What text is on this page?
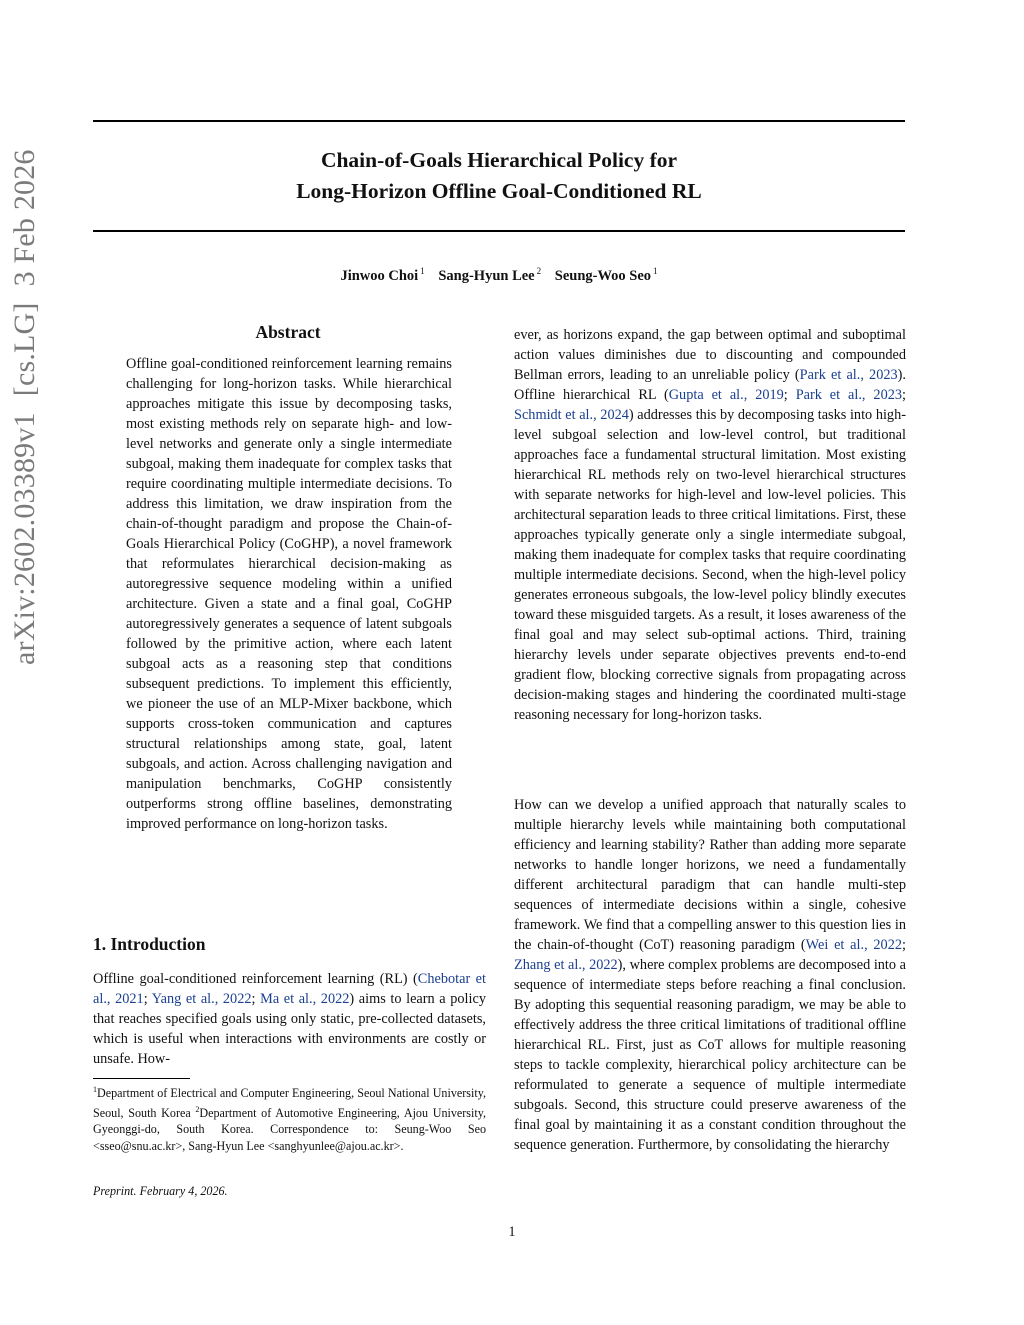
Chain-of-Goals Hierarchical Policy for
Long-Horizon Offline Goal-Conditioned RL
Jinwoo Choi $^1$ Sang-Hyun Lee $^2$ Seung-Woo Seo $^1$
arXiv:2602.03389v1[cs.LG]3 Feb 2026
Abstract

Offline goal-conditioned reinforcement learning remains challenging for long-horizon tasks. While hierarchical approaches mitigate this issue by decomposing tasks, most existing methods rely on separate high- and low-level networks and generate only a single intermediate subgoal, making them inadequate for complex tasks that require coordinating multiple intermediate decisions. To address this limitation, we draw inspiration from the chain-of-thought paradigm and propose the Chain-of-Goals Hierarchical Policy (CoGHP), a novel framework that reformulates hierarchical decision-making as autoregressive sequence modeling within a unified architecture. Given a state and a final goal, CoGHP autoregressively generates a sequence of latent subgoals followed by the primitive action, where each latent subgoal acts as a reasoning step that conditions subsequent predictions. To implement this efficiently, we pioneer the use of an MLP-Mixer backbone, which supports cross-token communication and captures structural relationships among state, goal, latent subgoals, and action. Across challenging navigation and manipulation benchmarks, CoGHP consistently outperforms strong offline baselines, demonstrating improved performance on long-horizon tasks.

1. Introduction

Offline goal-conditioned reinforcement learning (RL) (Chebotar et al., 2021; Yang et al., 2022; Ma et al., 2022) aims to learn a policy that reaches specified goals using only static, pre-collected datasets, which is useful when interactions with environments are costly or unsafe. How-

$^1$Department of Electrical and Computer Engineering, Seoul National University, Seoul, South Korea $^2$Department of Automotive Engineering, Ajou University, Gyeonggi-do, South Korea. Correspondence to: Seung-Woo Seo <sseo@snu.ac.kr>, Sang-Hyun Lee <sanghyunlee@ajou.ac.kr>.
Preprint. February 4, 2026.

ever, as horizons expand, the gap between optimal and suboptimal action values diminishes due to discounting and compounded Bellman errors, leading to an unreliable policy (Park et al., 2023). Offline hierarchical RL (Gupta et al., 2019; Park et al., 2023; Schmidt et al., 2024) addresses this by decomposing tasks into high-level subgoal selection and low-level control, but traditional approaches face a fundamental structural limitation. Most existing hierarchical RL methods rely on two-level hierarchical structures with separate networks for high-level and low-level policies. This architectural separation leads to three critical limitations. First, these approaches typically generate only a single intermediate subgoal, making them inadequate for complex tasks that require coordinating multiple intermediate decisions. Second, when the high-level policy generates erroneous subgoals, the low-level policy blindly executes toward these misguided targets. As a result, it loses awareness of the final goal and may select sub-optimal actions. Third, training hierarchy levels under separate objectives prevents end-to-end gradient flow, blocking corrective signals from propagating across decision-making stages and hindering the coordinated multi-stage reasoning necessary for long-horizon tasks.

How can we develop a unified approach that naturally scales to multiple hierarchy levels while maintaining both computational efficiency and learning stability? Rather than adding more separate networks to handle longer horizons, we need a fundamentally different architectural paradigm that can handle multi-step sequences of intermediate decisions within a single, cohesive framework. We find that a compelling answer to this question lies in the chain-of-thought (CoT) reasoning paradigm (Wei et al., 2022; Zhang et al., 2022), where complex problems are decomposed into a sequence of intermediate steps before reaching a final conclusion. By adopting this sequential reasoning paradigm, we may be able to effectively address the three critical limitations of traditional offline hierarchical RL. First, just as CoT allows for multiple reasoning steps to tackle complexity, hierarchical policy architecture can be reformulated to generate a sequence of multiple intermediate subgoals. Second, this structure could preserve awareness of the final goal by maintaining it as a constant condition throughout the sequence generation. Furthermore, by consolidating the hierarchy

1
